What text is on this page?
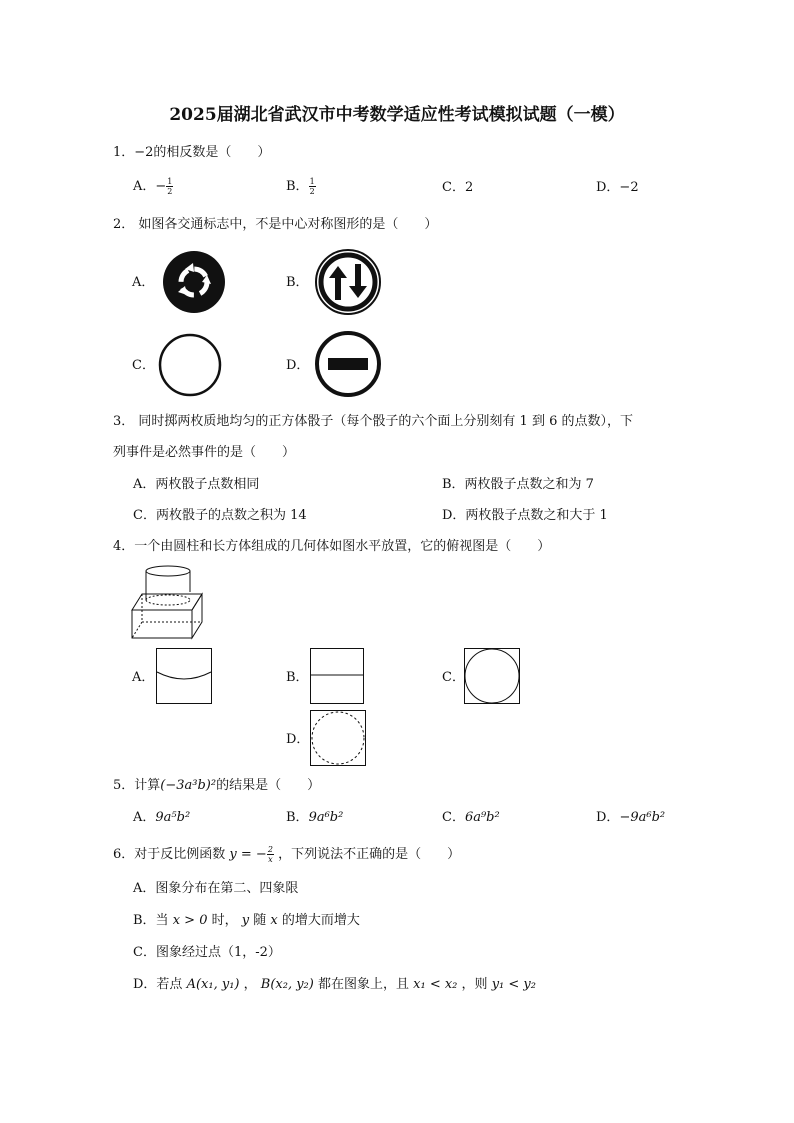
2025届湖北省武汉市中考数学适应性考试模拟试题（一模）
1．−2的相反数是（　　）
A．− $\frac{1}{2}$	B． $\frac{1}{2}$	C．2	D．−2
2． 如图各交通标志中，不是中心对称图形的是（　　）
A．	B．
C．	D．
3． 同时掷两枚质地均匀的正方体骰子（每个骰子的六个面上分别刻有 1 到 6 的点数），下
列事件是必然事件的是（　　）
A．两枚骰子点数相同	B．两枚骰子点数之和为 7
C．两枚骰子的点数之积为 14	D．两枚骰子点数之和大于 1
4．一个由圆柱和长方体组成的几何体如图水平放置，它的俯视图是（　　）
A．	B．	C．
D．
5．计算(−3a³b)²的结果是（　　）
A．9a⁵b²	B．9a⁶b²	C．6a⁹b²	D．−9a⁶b²
6．对于反比例函数 y = − $\frac{2}{x}$ ，下列说法不正确的是（　　）
A．图象分布在第二、四象限
B．当 x > 0 时， y 随 x 的增大而增大
C．图象经过点（1，-2）
D．若点 A(x₁, y₁) ， B(x₂, y₂) 都在图象上，且 x₁ < x₂ ，则 y₁ < y₂
